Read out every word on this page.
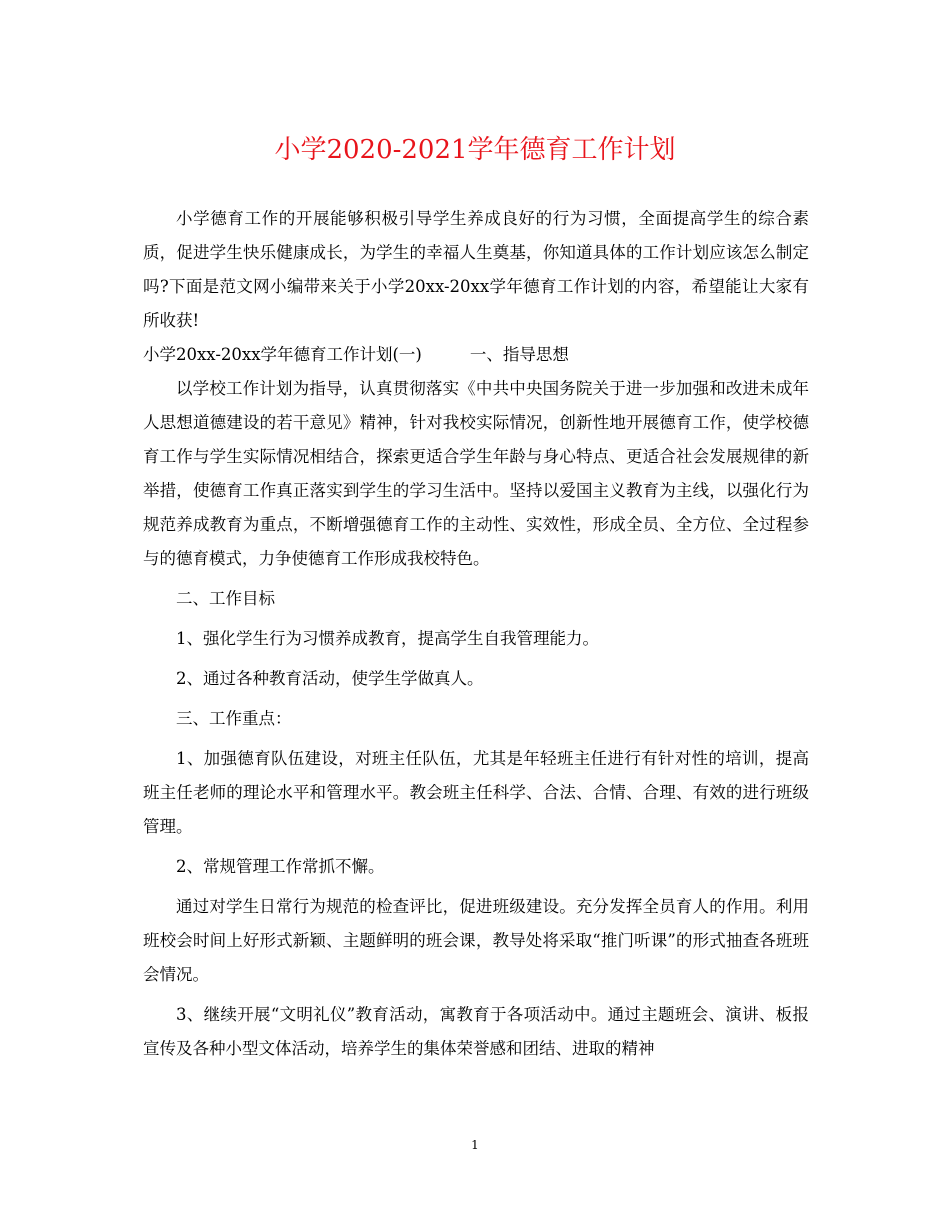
小学2020-2021学年德育工作计划

小学德育工作的开展能够积极引导学生养成良好的行为习惯，全面提高学生的综合素质，促进学生快乐健康成长，为学生的幸福人生奠基，你知道具体的工作计划应该怎么制定吗?下面是范文网小编带来关于小学20xx-20xx学年德育工作计划的内容，希望能让大家有所收获!

小学20xx-20xx学年德育工作计划(一)	一、指导思想

以学校工作计划为指导，认真贯彻落实《中共中央国务院关于进一步加强和改进未成年人思想道德建设的若干意见》精神，针对我校实际情况，创新性地开展德育工作，使学校德育工作与学生实际情况相结合，探索更适合学生年龄与身心特点、更适合社会发展规律的新举措，使德育工作真正落实到学生的学习生活中。坚持以爱国主义教育为主线，以强化行为规范养成教育为重点，不断增强德育工作的主动性、实效性，形成全员、全方位、全过程参与的德育模式，力争使德育工作形成我校特色。

二、工作目标

1、强化学生行为习惯养成教育，提高学生自我管理能力。

2、通过各种教育活动，使学生学做真人。

三、工作重点：

1、加强德育队伍建设，对班主任队伍，尤其是年轻班主任进行有针对性的培训，提高班主任老师的理论水平和管理水平。教会班主任科学、合法、合情、合理、有效的进行班级管理。

2、常规管理工作常抓不懈。

通过对学生日常行为规范的检查评比，促进班级建设。充分发挥全员育人的作用。利用班校会时间上好形式新颖、主题鲜明的班会课，教导处将采取“推门听课”的形式抽查各班班会情况。

3、继续开展“文明礼仪”教育活动，寓教育于各项活动中。通过主题班会、演讲、板报宣传及各种小型文体活动，培养学生的集体荣誉感和团结、进取的精神

1
